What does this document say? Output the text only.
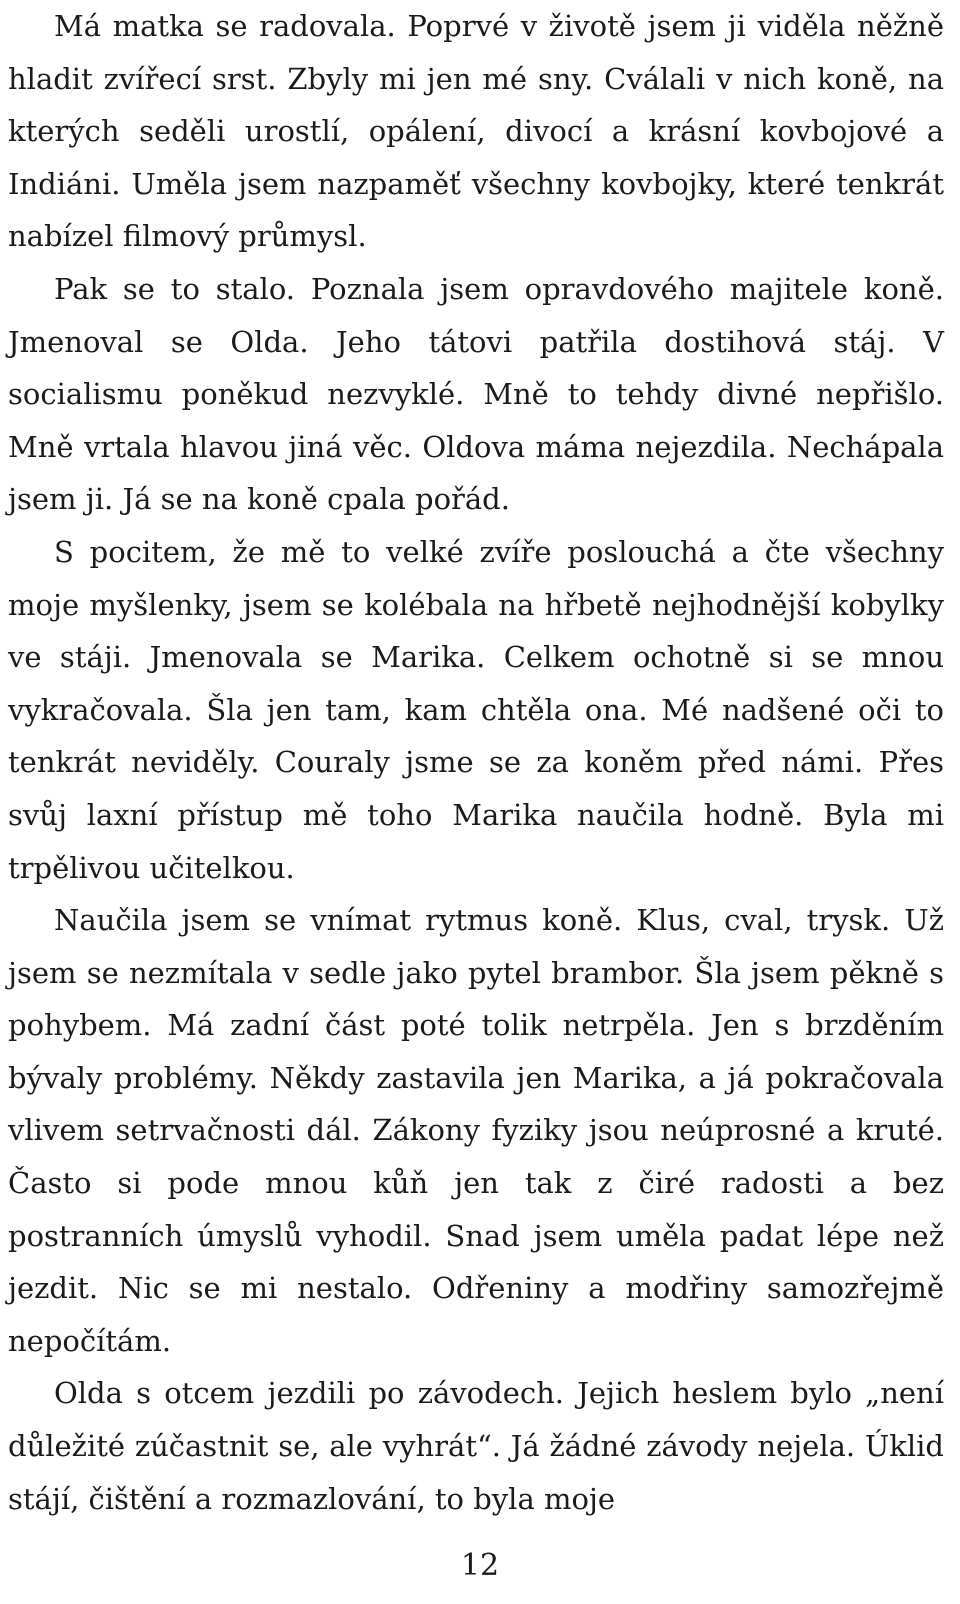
Má matka se radovala. Poprvé v životě jsem ji viděla něžně hladit zvířecí srst. Zbyly mi jen mé sny. Cválali v nich koně, na kterých seděli urostlí, opálení, divocí a krásní kovbojové a Indiáni. Uměla jsem nazpaměť všechny kovbojky, které tenkrát nabízel filmový průmysl.

Pak se to stalo. Poznala jsem opravdového majitele koně. Jmenoval se Olda. Jeho tátovi patřila dostihová stáj. V socialismu poněkud nezvyklé. Mně to tehdy divné nepřišlo. Mně vrtala hlavou jiná věc. Oldova máma nejezdila. Nechápala jsem ji. Já se na koně cpala pořád.

S pocitem, že mě to velké zvíře poslouchá a čte všechny moje myšlenky, jsem se kolébala na hřbetě nejhodnější kobylky ve stáji. Jmenovala se Marika. Celkem ochotně si se mnou vykračovala. Šla jen tam, kam chtěla ona. Mé nadšené oči to tenkrát neviděly. Couraly jsme se za koněm před námi. Přes svůj laxní přístup mě toho Marika naučila hodně. Byla mi trpělivou učitelkou.

Naučila jsem se vnímat rytmus koně. Klus, cval, trysk. Už jsem se nezmítala v sedle jako pytel brambor. Šla jsem pěkně s pohybem. Má zadní část poté tolik netrpěla. Jen s brzděním bývaly problémy. Někdy zastavila jen Marika, a já pokračovala vlivem setrvačnosti dál. Zákony fyziky jsou neúprosné a kruté. Často si pode mnou kůň jen tak z čiré radosti a bez postranních úmyslů vyhodil. Snad jsem uměla padat lépe než jezdit. Nic se mi nestalo. Odřeniny a modřiny samozřejmě nepočítám.

Olda s otcem jezdili po závodech. Jejich heslem bylo „není důležité zúčastnit se, ale vyhrát“. Já žádné závody nejela. Úklid stájí, čištění a rozmazlování, to byla moje

12
